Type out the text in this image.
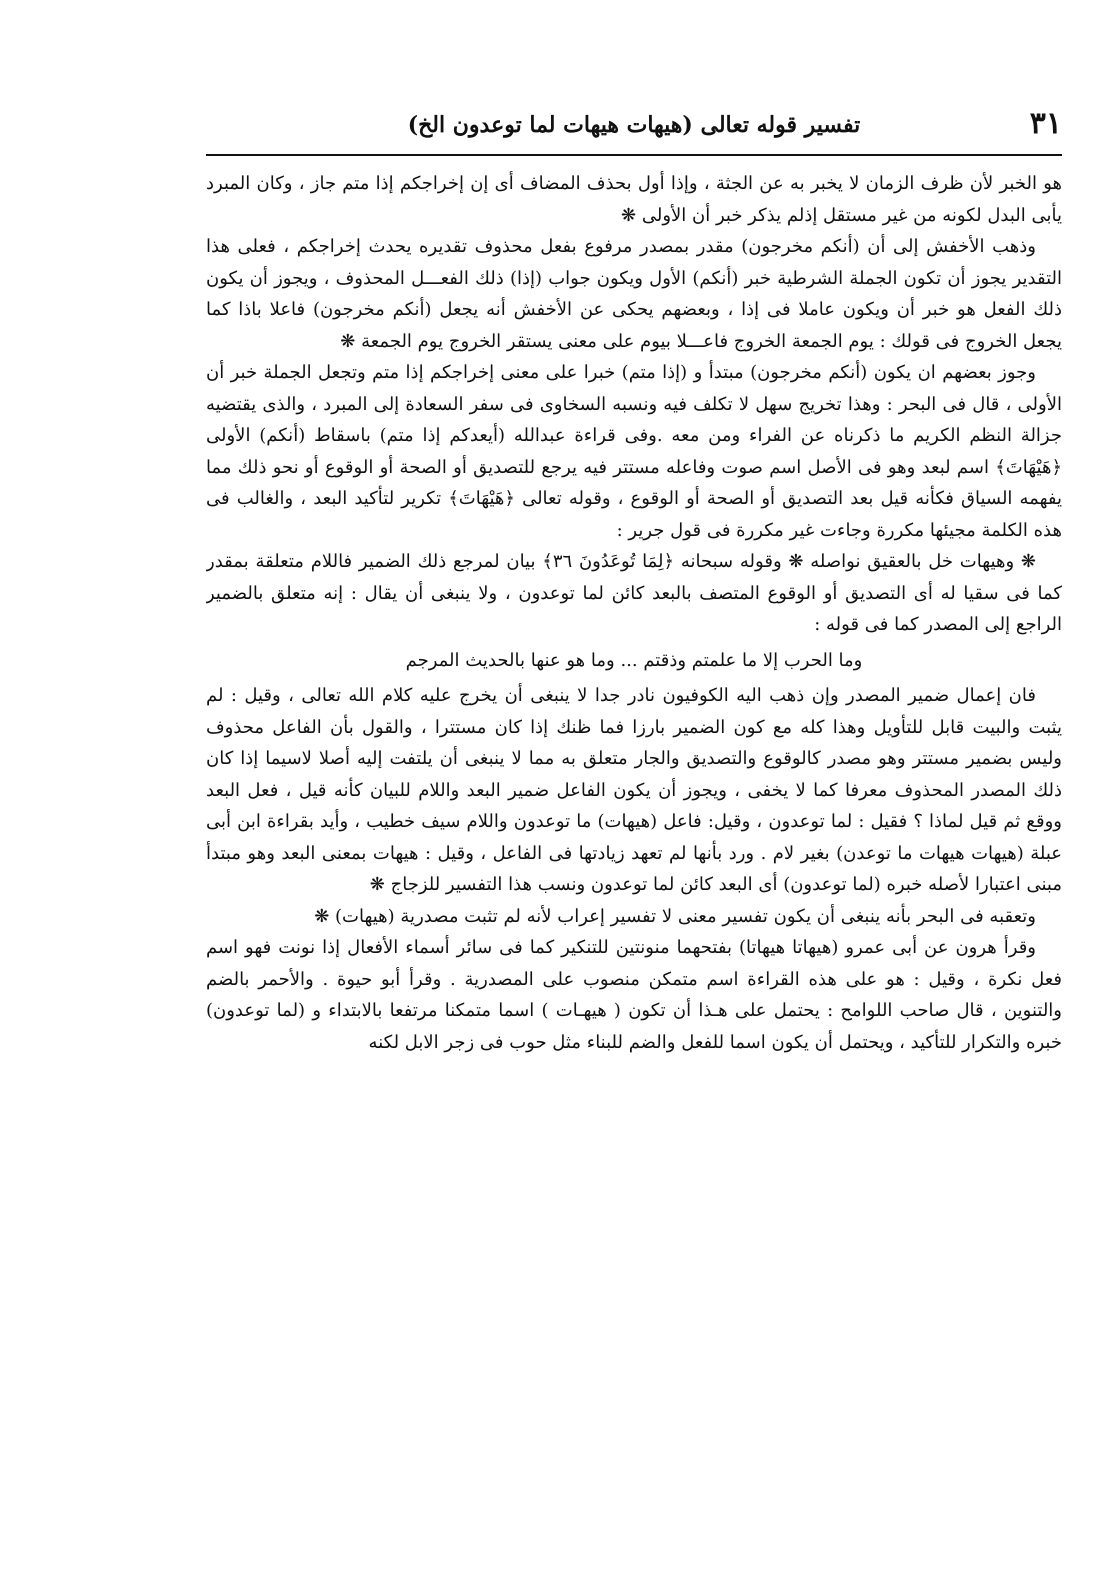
٣١
تفسير قوله تعالى (هيهات هيهات لما توعدون الخ)

هو الخبر لأن ظرف الزمان لا يخبر به عن الجثة ، وإذا أول بحذف المضاف أى إن إخراجكم إذا متم جاز ، وكان المبرد يأبى البدل لكونه من غير مستقل إذلم يذكر خبر أن الأولى ❋

وذهب الأخفش إلى أن (أنكم مخرجون) مقدر بمصدر مرفوع بفعل محذوف تقديره يحدث إخراجكم ، فعلى هذا التقدير يجوز أن تكون الجملة الشرطية خبر (أنكم) الأول ويكون جواب (إذا) ذلك الفعـــل المحذوف ، ويجوز أن يكون ذلك الفعل هو خبر أن ويكون عاملا فى إذا ، وبعضهم يحكى عن الأخفش أنه يجعل (أنكم مخرجون) فاعلا باذا كما يجعل الخروج فى قولك : يوم الجمعة الخروج فاعـــلا بيوم على معنى يستقر الخروج يوم الجمعة ❋

وجوز بعضهم ان يكون (أنكم مخرجون) مبتدأ و (إذا متم) خبرا على معنى إخراجكم إذا متم وتجعل الجملة خبر أن الأولى ، قال فى البحر : وهذا تخريج سهل لا تكلف فيه ونسبه السخاوى فى سفر السعادة إلى المبرد ، والذى يقتضيه جزالة النظم الكريم ما ذكرناه عن الفراء ومن معه .وفى قراءة عبدالله (أيعدكم إذا متم) باسقاط (أنكم) الأولى ﴿هَيْهَاتَ﴾ اسم لبعد وهو فى الأصل اسم صوت وفاعله مستتر فيه يرجع للتصديق أو الصحة أو الوقوع أو نحو ذلك مما يفهمه السياق فكأنه قيل بعد التصديق أو الصحة أو الوقوع ، وقوله تعالى ﴿هَيْهَاتَ﴾ تكرير لتأكيد البعد ، والغالب فى هذه الكلمة مجيئها مكررة وجاءت غير مكررة فى قول جرير :

❋ وهيهات خل بالعقيق نواصله ❋ وقوله سبحانه ﴿لِمَا تُوعَدُونَ ٣٦﴾ بيان لمرجع ذلك الضمير فاللام متعلقة بمقدر كما فى سقيا له أى التصديق أو الوقوع المتصف بالبعد كائن لما توعدون ، ولا ينبغى أن يقال : إنه متعلق بالضمير الراجع إلى المصدر كما فى قوله :

وما الحرب إلا ما علمتم وذقتم ... وما هو عنها بالحديث المرجم

فان إعمال ضمير المصدر وإن ذهب اليه الكوفيون نادر جدا لا ينبغى أن يخرج عليه كلام الله تعالى ، وقيل : لم يثبت والبيت قابل للتأويل وهذا كله مع كون الضمير بارزا فما ظنك إذا كان مستترا ، والقول بأن الفاعل محذوف وليس بضمير مستتر وهو مصدر كالوقوع والتصديق والجار متعلق به مما لا ينبغى أن يلتفت إليه أصلا لاسيما إذا كان ذلك المصدر المحذوف معرفا كما لا يخفى ، ويجوز أن يكون الفاعل ضمير البعد واللام للبيان كأنه قيل ، فعل البعد ووقع ثم قيل لماذا ؟ فقيل : لما توعدون ، وقيل: فاعل (هيهات) ما توعدون واللام سيف خطيب ، وأيد بقراءة ابن أبى عبلة (هيهات هيهات ما توعدن) بغير لام . ورد بأنها لم تعهد زيادتها فى الفاعل ، وقيل : هيهات بمعنى البعد وهو مبتدأ مبنى اعتبارا لأصله خبره (لما توعدون) أى البعد كائن لما توعدون ونسب هذا التفسير للزجاج ❋

وتعقبه فى البحر بأنه ينبغى أن يكون تفسير معنى لا تفسير إعراب لأنه لم تثبت مصدرية (هيهات) ❋

وقرأ هرون عن أبى عمرو (هيهاتا هيهاتا) بفتحهما منونتين للتنكير كما فى سائر أسماء الأفعال إذا نونت فهو اسم فعل نكرة ، وقيل : هو على هذه القراءة اسم متمكن منصوب على المصدرية . وقرأ أبو حيوة . والأحمر بالضم والتنوين ، قال صاحب اللوامح : يحتمل على هـذا أن تكون ( هيهـات ) اسما متمكنا مرتفعا بالابتداء و (لما توعدون) خبره والتكرار للتأكيد ، ويحتمل أن يكون اسما للفعل والضم للبناء مثل حوب فى زجر الابل لكنه
